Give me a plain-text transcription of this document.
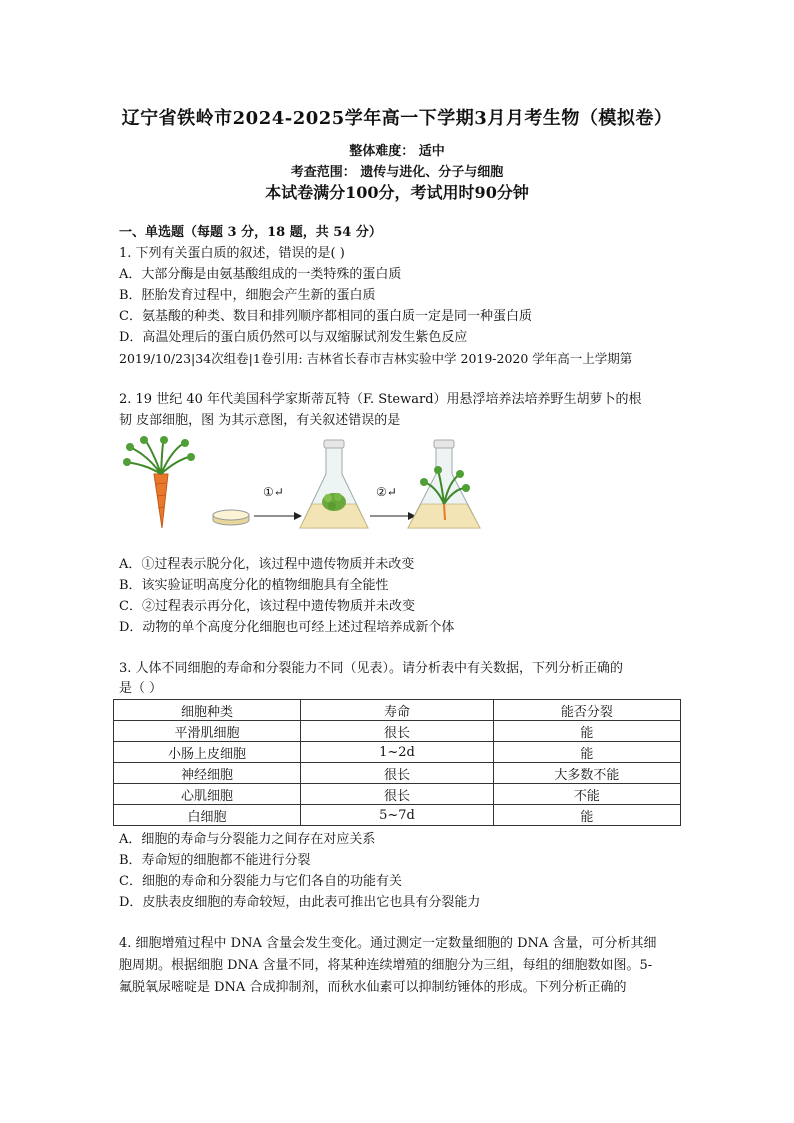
辽宁省铁岭市2024-2025学年高一下学期3月月考生物（模拟卷）
整体难度： 适中
考查范围： 遗传与进化、分子与细胞
本试卷满分100分，考试用时90分钟
一、单选题（每题 3 分，18 题，共 54 分）
1. 下列有关蛋白质的叙述，错误的是( )
A．大部分酶是由氨基酸组成的一类特殊的蛋白质
B．胚胎发育过程中，细胞会产生新的蛋白质
C．氨基酸的种类、数目和排列顺序都相同的蛋白质一定是同一种蛋白质
D．高温处理后的蛋白质仍然可以与双缩脲试剂发生紫色反应
2019/10/23|34次组卷|1卷引用: 吉林省长春市吉林实验中学 2019-2020 学年高一上学期第
2. 19 世纪 40 年代美国科学家斯蒂瓦特（F. Steward）用悬浮培养法培养野生胡萝卜的根
韧 皮部细胞，图 为其示意图，有关叙述错误的是
①↵	②↵
A．①过程表示脱分化，该过程中遗传物质并未改变
B．该实验证明高度分化的植物细胞具有全能性
C．②过程表示再分化，该过程中遗传物质并未改变
D．动物的单个高度分化细胞也可经上述过程培养成新个体
3. 人体不同细胞的寿命和分裂能力不同（见表）。请分析表中有关数据，下列分析正确的
是（ ）
细胞种类	寿命	能否分裂
平滑肌细胞	很长	能
小肠上皮细胞	1~2d	能
神经细胞	很长	大多数不能
心肌细胞	很长	不能
白细胞	5~7d	能
A．细胞的寿命与分裂能力之间存在对应关系
B．寿命短的细胞都不能进行分裂
C．细胞的寿命和分裂能力与它们各自的功能有关
D．皮肤表皮细胞的寿命较短，由此表可推出它也具有分裂能力
4. 细胞增殖过程中 DNA 含量会发生变化。通过测定一定数量细胞的 DNA 含量，可分析其细
胞周期。根据细胞 DNA 含量不同，将某种连续增殖的细胞分为三组，每组的细胞数如图。5-
氟脱氧尿嘧啶是 DNA 合成抑制剂，而秋水仙素可以抑制纺锤体的形成。下列分析正确的
